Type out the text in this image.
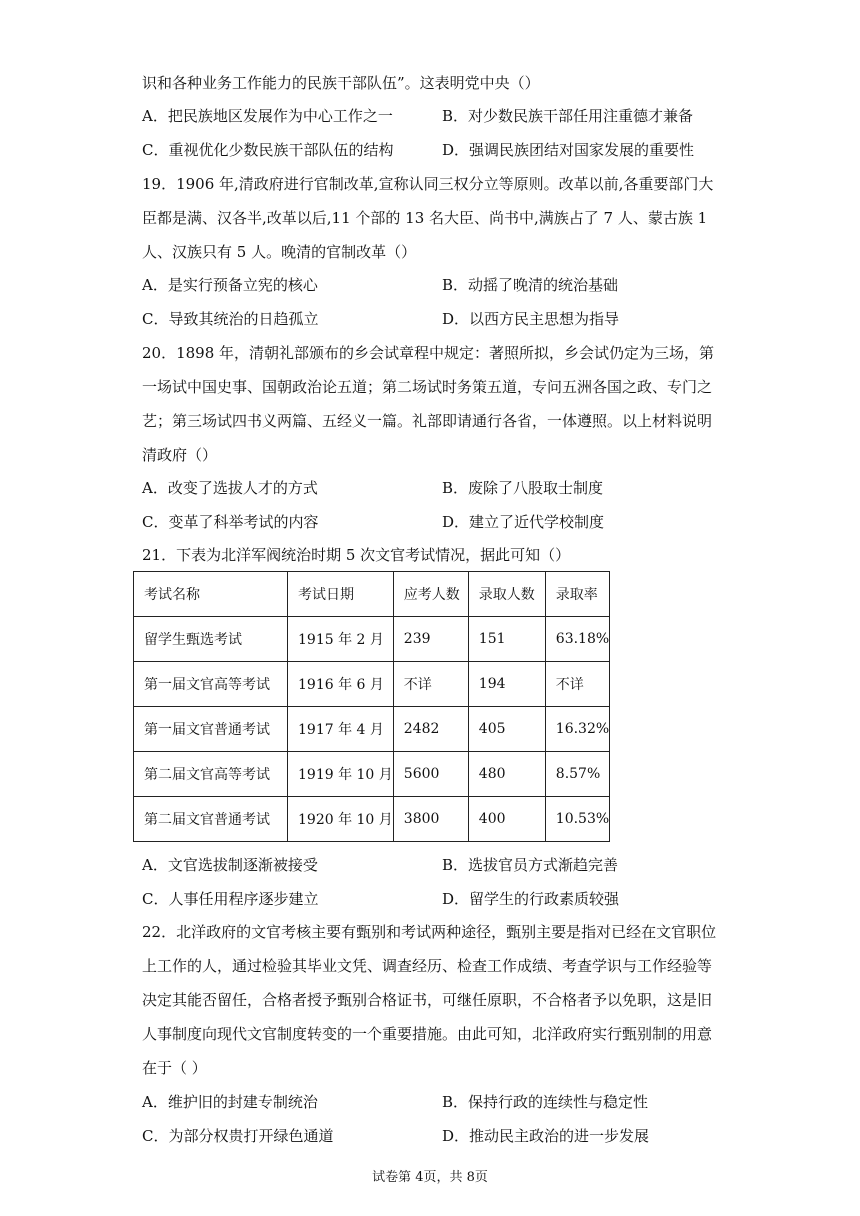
识和各种业务工作能力的民族干部队伍”。这表明党中央（）
A．把民族地区发展作为中心工作之一	B．对少数民族干部任用注重德才兼备
C．重视优化少数民族干部队伍的结构	D．强调民族团结对国家发展的重要性
19．1906 年,清政府进行官制改革,宣称认同三权分立等原则。改革以前,各重要部门大
臣都是满、汉各半,改革以后,11 个部的 13 名大臣、尚书中,满族占了 7 人、蒙古族 1
人、汉族只有 5 人。晚清的官制改革（）
A．是实行预备立宪的核心	B．动摇了晚清的统治基础
C．导致其统治的日趋孤立	D．以西方民主思想为指导
20．1898 年，清朝礼部颁布的乡会试章程中规定：著照所拟，乡会试仍定为三场，第
一场试中国史事、国朝政治论五道；第二场试时务策五道，专问五洲各国之政、专门之
艺；第三场试四书义两篇、五经义一篇。礼部即请通行各省，一体遵照。以上材料说明
清政府（）
A．改变了选拔人才的方式	B．废除了八股取士制度
C．变革了科举考试的内容	D．建立了近代学校制度
21．下表为北洋军阀统治时期 5 次文官考试情况，据此可知（）
考试名称	考试日期	应考人数	录取人数	录取率
留学生甄选考试	1915 年 2 月	239	151	63.18%
第一届文官高等考试	1916 年 6 月	不详	194	不详
第一届文官普通考试	1917 年 4 月	2482	405	16.32%
第二届文官高等考试	1919 年 10 月	5600	480	8.57%
第二届文官普通考试	1920 年 10 月	3800	400	10.53%
A．文官选拔制逐渐被接受	B．选拔官员方式渐趋完善
C．人事任用程序逐步建立	D．留学生的行政素质较强
22．北洋政府的文官考核主要有甄别和考试两种途径，甄别主要是指对已经在文官职位
上工作的人，通过检验其毕业文凭、调查经历、检查工作成绩、考查学识与工作经验等
决定其能否留任，合格者授予甄别合格证书，可继任原职，不合格者予以免职，这是旧
人事制度向现代文官制度转变的一个重要措施。由此可知，北洋政府实行甄别制的用意
在于（ ）
A．维护旧的封建专制统治	B．保持行政的连续性与稳定性
C．为部分权贵打开绿色通道	D．推动民主政治的进一步发展
试卷第 4页，共 8页
